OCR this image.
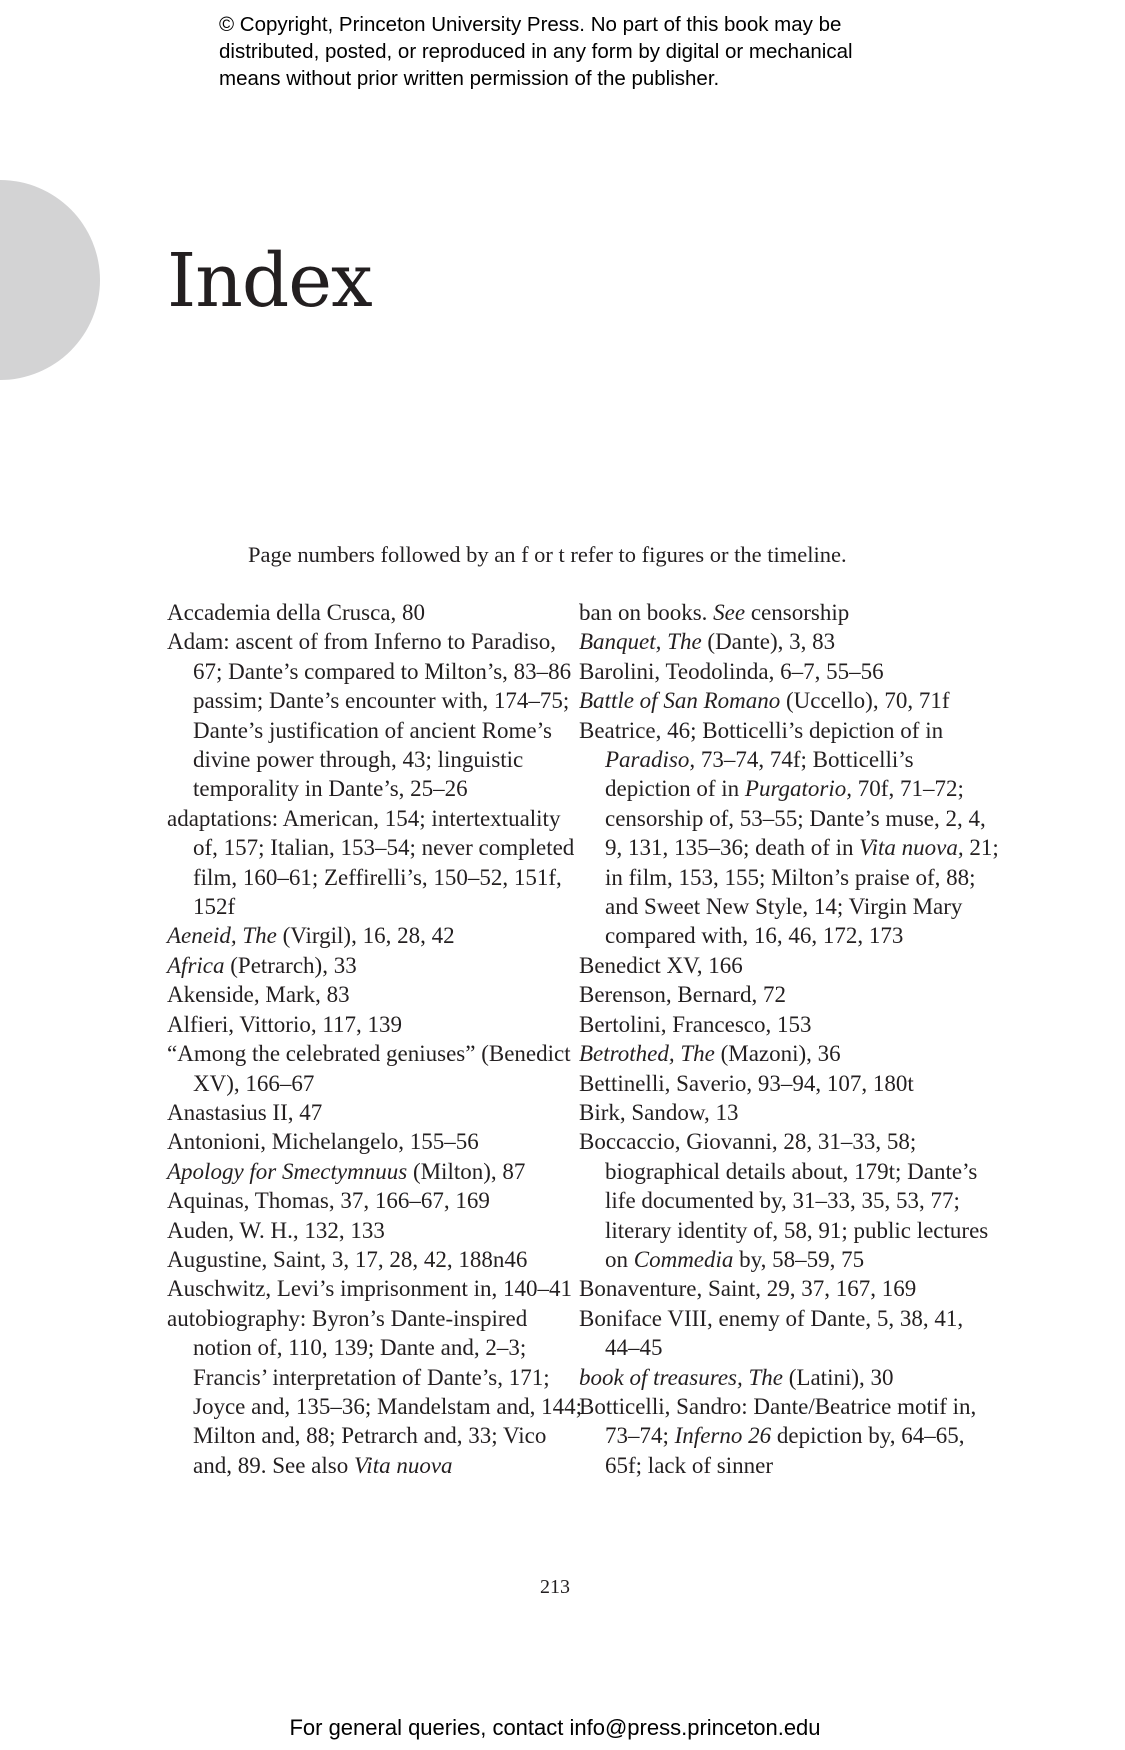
© Copyright, Princeton University Press. No part of this book may be
distributed, posted, or reproduced in any form by digital or mechanical
means without prior written permission of the publisher.
Index
Page numbers followed by an f or t refer to figures or the timeline.
Accademia della Crusca, 80
Adam: ascent of from Inferno to Paradiso, 67; Dante’s compared to Milton’s, 83–86 passim; Dante’s encounter with, 174–75; Dante’s justification of ancient Rome’s divine power through, 43; linguistic temporality in Dante’s, 25–26
adaptations: American, 154; intertextuality of, 157; Italian, 153–54; never completed film, 160–61; Zeffirelli’s, 150–52, 151f, 152f
Aeneid, The (Virgil), 16, 28, 42
Africa (Petrarch), 33
Akenside, Mark, 83
Alfieri, Vittorio, 117, 139
“Among the celebrated geniuses” (Benedict XV), 166–67
Anastasius II, 47
Antonioni, Michelangelo, 155–56
Apology for Smectymnuus (Milton), 87
Aquinas, Thomas, 37, 166–67, 169
Auden, W. H., 132, 133
Augustine, Saint, 3, 17, 28, 42, 188n46
Auschwitz, Levi’s imprisonment in, 140–41
autobiography: Byron’s Dante-inspired notion of, 110, 139; Dante and, 2–3; Francis’ interpretation of Dante’s, 171; Joyce and, 135–36; Mandelstam and, 144; Milton and, 88; Petrarch and, 33; Vico and, 89. See also Vita nuova
ban on books. See censorship
Banquet, The (Dante), 3, 83
Barolini, Teodolinda, 6–7, 55–56
Battle of San Romano (Uccello), 70, 71f
Beatrice, 46; Botticelli’s depiction of in Paradiso, 73–74, 74f; Botticelli’s depiction of in Purgatorio, 70f, 71–72; censorship of, 53–55; Dante’s muse, 2, 4, 9, 131, 135–36; death of in Vita nuova, 21; in film, 153, 155; Milton’s praise of, 88; and Sweet New Style, 14; Virgin Mary compared with, 16, 46, 172, 173
Benedict XV, 166
Berenson, Bernard, 72
Bertolini, Francesco, 153
Betrothed, The (Mazoni), 36
Bettinelli, Saverio, 93–94, 107, 180t
Birk, Sandow, 13
Boccaccio, Giovanni, 28, 31–33, 58; biographical details about, 179t; Dante’s life documented by, 31–33, 35, 53, 77; literary identity of, 58, 91; public lectures on Commedia by, 58–59, 75
Bonaventure, Saint, 29, 37, 167, 169
Boniface VIII, enemy of Dante, 5, 38, 41, 44–45
book of treasures, The (Latini), 30
Botticelli, Sandro: Dante/Beatrice motif in, 73–74; Inferno 26 depiction by, 64–65, 65f; lack of sinner
213
For general queries, contact info@press.princeton.edu
